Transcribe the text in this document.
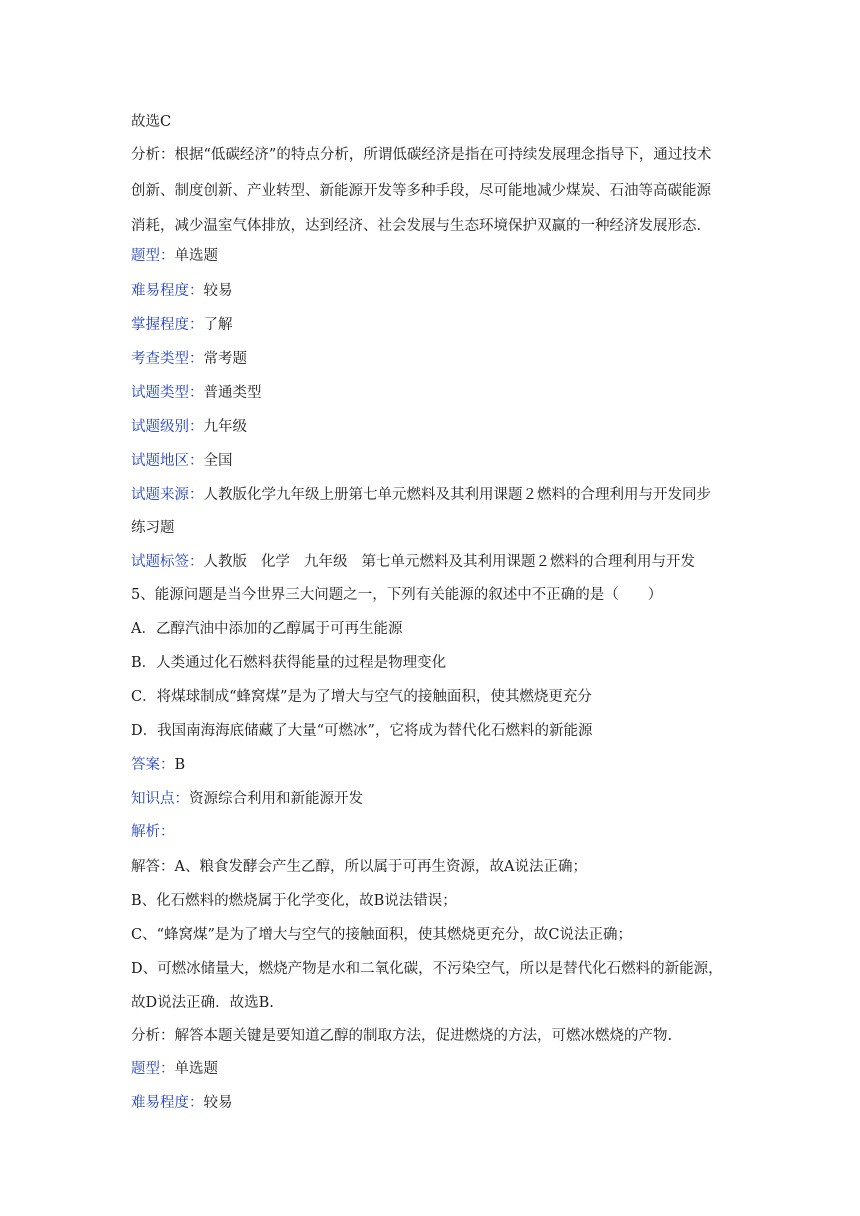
故选C
分析：根据“低碳经济”的特点分析，所谓低碳经济是指在可持续发展理念指导下，通过技术
创新、制度创新、产业转型、新能源开发等多种手段，尽可能地减少煤炭、石油等高碳能源
消耗，减少温室气体排放，达到经济、社会发展与生态环境保护双赢的一种经济发展形态.
题型：单选题
难易程度：较易
掌握程度：了解
考查类型：常考题
试题类型：普通类型
试题级别：九年级
试题地区：全国
试题来源：人教版化学九年级上册第七单元燃料及其利用课题２燃料的合理利用与开发同步
练习题
试题标签：人教版 化学 九年级 第七单元燃料及其利用课题２燃料的合理利用与开发
5、能源问题是当今世界三大问题之一，下列有关能源的叙述中不正确的是（　　）
A．乙醇汽油中添加的乙醇属于可再生能源
B．人类通过化石燃料获得能量的过程是物理变化
C．将煤球制成“蜂窝煤”是为了增大与空气的接触面积，使其燃烧更充分
D．我国南海海底储藏了大量“可燃冰”，它将成为替代化石燃料的新能源
答案：B
知识点：资源综合利用和新能源开发
解析：
解答：A、粮食发酵会产生乙醇，所以属于可再生资源，故A说法正确；
B、化石燃料的燃烧属于化学变化，故B说法错误；
C、“蜂窝煤”是为了增大与空气的接触面积，使其燃烧更充分，故C说法正确；
D、可燃冰储量大，燃烧产物是水和二氧化碳，不污染空气，所以是替代化石燃料的新能源，
故D说法正确．故选B.
分析：解答本题关键是要知道乙醇的制取方法，促进燃烧的方法，可燃冰燃烧的产物.
题型：单选题
难易程度：较易
